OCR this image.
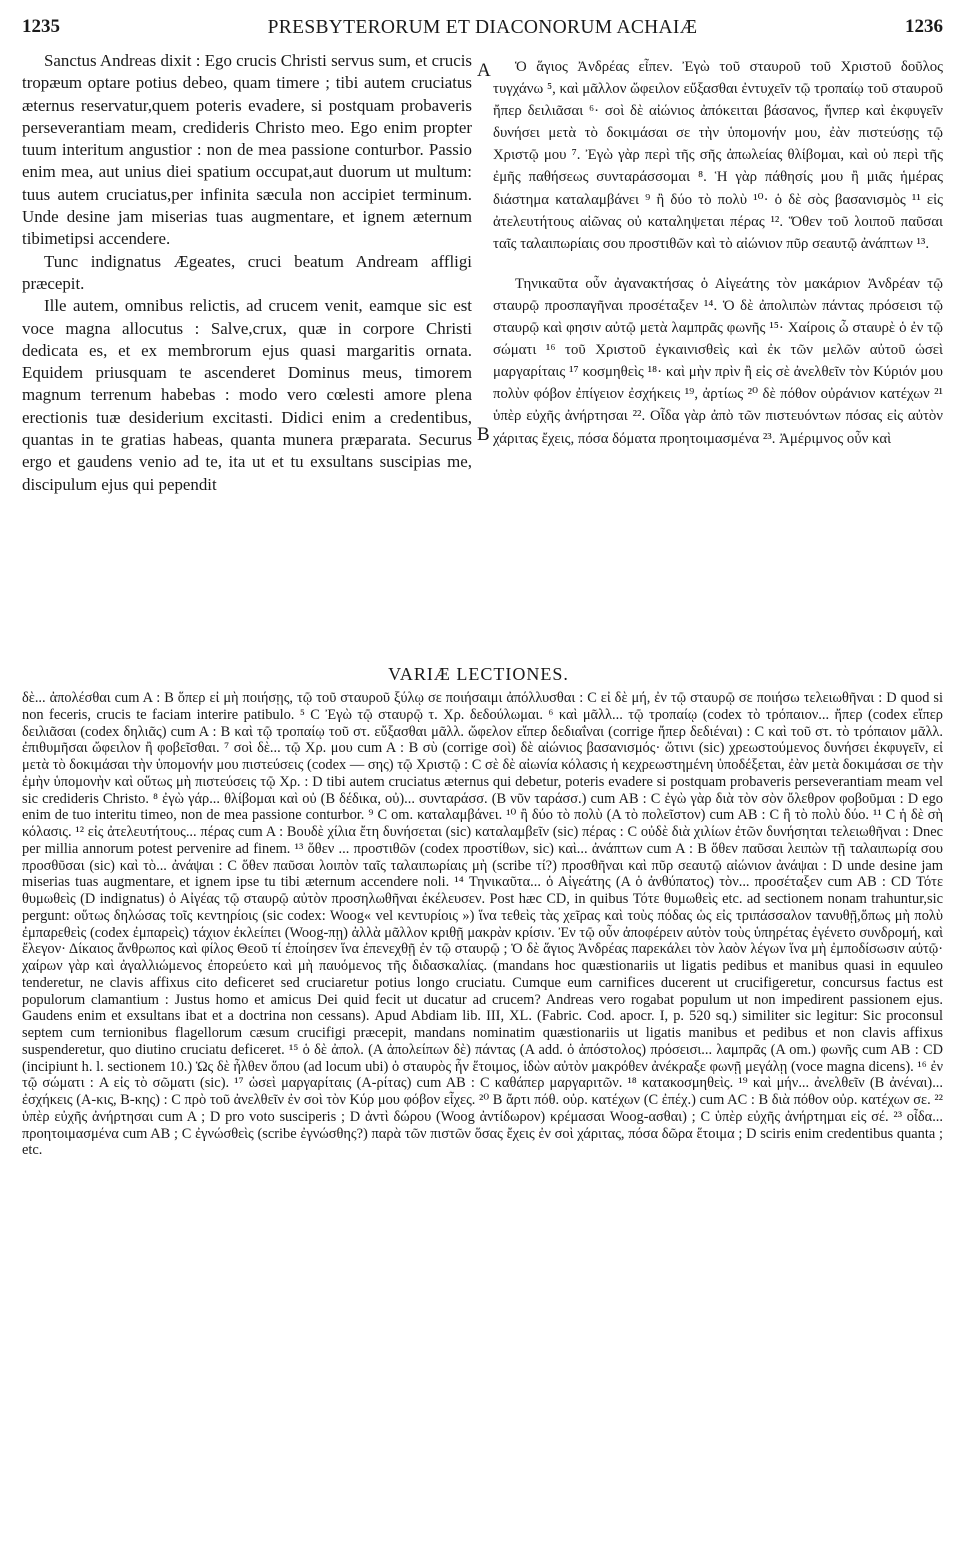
1235	PRESBYTERORUM ET DIACONORUM ACHAIÆ	1236

Sanctus Andreas dixit : Ego crucis Christi servus sum, et crucis tropæum optare potius debeo, quam timere ; tibi autem cruciatus æternus reservatur,quem poteris evadere, si postquam probaveris perseverantiam meam, credideris Christo meo. Ego enim propter tuum interitum angustior : non de mea passione conturbor. Passio enim mea, aut unius diei spatium occupat,aut duorum ut multum: tuus autem cruciatus,per infinita sæcula non accipiet terminum. Unde desine jam miserias tuas augmentare, et ignem æternum tibimetipsi accendere.

Tunc indignatus Ægeates, cruci beatum Andream affligi præcepit.

Ille autem, omnibus relictis, ad crucem venit, eamque sic est voce magna allocutus : Salve,crux, quæ in corpore Christi dedicata es, et ex membrorum ejus quasi margaritis ornata. Equidem priusquam te ascenderet Dominus meus, timorem magnum terrenum habebas : modo vero cœlesti amore plena erectionis tuæ desiderium excitasti. Didici enim a credentibus, quantas in te gratias habeas, quanta munera præparata. Securus ergo et gaudens venio ad te, ita ut et tu exsultans suscipias me, discipulum ejus qui pependit

A
B

Ὁ ἅγιος Ἀνδρέας εἶπεν. Ἐγὼ τοῦ σταυροῦ τοῦ Χριστοῦ δοῦλος τυγχάνω ⁵, καὶ μᾶλλον ὤφειλον εὔξασθαι ἐντυχεῖν τῷ τροπαίῳ τοῦ σταυροῦ ἤπερ δειλιᾶσαι ⁶· σοὶ δὲ αἰώνιος ἀπόκειται βάσανος, ἥνπερ καὶ ἐκφυγεῖν δυνήσει μετὰ τὸ δοκιμάσαι σε τὴν ὑπομονήν μου, ἐὰν πιστεύσῃς τῷ Χριστῷ μου ⁷. Ἐγὼ γὰρ περὶ τῆς σῆς ἀπωλείας θλίβομαι, καὶ οὐ περὶ τῆς ἐμῆς παθήσεως συνταράσσομαι ⁸. Ἡ γὰρ πάθησίς μου ἢ μιᾶς ἡμέρας διάστημα καταλαμβάνει ⁹ ἢ δύο τὸ πολὺ ¹⁰· ὁ δὲ σὸς βασανισμὸς ¹¹ εἰς ἀτελευτήτους αἰῶνας οὐ καταληψεται πέρας ¹². Ὅθεν τοῦ λοιποῦ παῦσαι ταῖς ταλαιπωρίαις σου προστιθῶν καὶ τὸ αἰώνιον πῦρ σεαυτῷ ἀνάπτων ¹³.

Τηνικαῦτα οὖν ἀγανακτήσας ὁ Αἰγεάτης τὸν μακάριον Ἀνδρέαν τῷ σταυρῷ προσπαγῆναι προσέταξεν ¹⁴. Ὁ δὲ ἀπολιπὼν πάντας πρόσεισι τῷ σταυρῷ καὶ φησιν αὐτῷ μετὰ λαμπρᾶς φωνῆς ¹⁵· Χαίροις ὦ σταυρὲ ὁ ἐν τῷ σώματι ¹⁶ τοῦ Χριστοῦ ἐγκαινισθεὶς καὶ ἐκ τῶν μελῶν αὐτοῦ ὡσεὶ μαργαρίταις ¹⁷ κοσμηθεὶς ¹⁸· καὶ μὴν πρὶν ἢ εἰς σὲ ἀνελθεῖν τὸν Κύριόν μου πολὺν φόβον ἐπίγειον ἐσχήκεις ¹⁹, ἀρτίως ²⁰ δὲ πόθον οὐράνιον κατέχων ²¹ ὑπὲρ εὐχῆς ἀνήρτησαι ²². Οἶδα γὰρ ἀπὸ τῶν πιστευόντων πόσας εἰς αὐτὸν χάριτας ἔχεις, πόσα δόματα προητοιμασμένα ²³. Ἀμέριμνος οὖν καὶ

VARIÆ LECTIONES.
δὲ... ἀπολέσθαι cum A : B ὅπερ εἰ μὴ ποιήσῃς, τῷ τοῦ σταυροῦ ξύλῳ σε ποιήσαιμι ἀπόλλυσθαι : C εἰ δὲ μή, ἐν τῷ σταυρῷ σε ποιήσω τελειωθῆναι : D quod si non feceris, crucis te faciam interire patibulo. ⁵ C Ἐγὼ τῷ σταυρῷ τ. Χρ. δεδούλωμαι. ⁶ καὶ μᾶλλ... τῷ τροπαίῳ (codex τὸ τρόπαιον... ἤπερ (codex εἴπερ δειλιᾶσαι (codex δηλιᾶς) cum A : B καὶ τῷ τροπαίῳ τοῦ στ. εὔξασθαι μᾶλλ. ὤφελον εἴπερ δεδιαΐναι (corrige ἤπερ δεδιέναι) : C καὶ τοῦ στ. τὸ τρόπαιον μᾶλλ. ἐπιθυμῆσαι ὤφειλον ἢ φοβεῖσθαι. ⁷ σοὶ δὲ... τῷ Χρ. μου cum A : B σὺ (corrige σοὶ) δὲ αἰώνιος βασανισμός· ὥτινι (sic) χρεωστούμενος δυνήσει ἐκφυγεῖν, εἰ μετὰ τὸ δοκιμάσαι τὴν ὑπομονήν μου πιστεύσεις (codex — σης) τῷ Χριστῷ : C σὲ δὲ αἰωνία κόλασις ἡ κεχρεωστημένη ὑποδέξεται, ἐὰν μετὰ δοκιμάσαι σε τὴν ἐμὴν ὑπομονὴν καὶ οὕτως μὴ πιστεύσεις τῷ Χρ. : D tibi autem cruciatus æternus qui debetur, poteris evadere si postquam probaveris perseverantiam meam vel sic credideris Christo. ⁸ ἐγὼ γάρ... θλίβομαι καὶ οὐ (B δέδικα, οὐ)... συνταράσσ. (B νῦν ταράσσ.) cum AB : C ἐγὼ γὰρ διὰ τὸν σὸν ὄλεθρον φοβοῦμαι : D ego enim de tuo interitu timeo, non de mea passione conturbor. ⁹ C om. καταλαμβάνει. ¹⁰ ἢ δύο τὸ πολὺ (A τὸ πολεῖστον) cum AB : C ἢ τὸ πολὺ δύο. ¹¹ C ἡ δὲ σὴ κόλασις. ¹² εἰς ἀτελευτήτους... πέρας cum A : Bουδὲ χίλια ἔτη δυνήσεται (sic) καταλαμβεῖν (sic) πέρας : C οὐδὲ διὰ χιλίων ἐτῶν δυνήσηται τελειωθῆναι : Dnec per millia annorum potest pervenire ad finem. ¹³ ὅθεν ... προστιθῶν (codex προστίθων, sic) καὶ... ἀνάπτων cum A : B ὅθεν παῦσαι λειπὼν τῇ ταλαιπωρίᾳ σου προσθῦσαι (sic) καὶ τὸ... ἀνάψαι : C ὅθεν παῦσαι λοιπὸν ταῖς ταλαιπωρίαις μὴ (scribe τί?) προσθῆναι καὶ πῦρ σεαυτῷ αἰώνιον ἀνάψαι : D unde desine jam miserias tuas augmentare, et ignem ipse tu tibi æternum accendere noli. ¹⁴ Τηνικαῦτα... ὁ Αἰγεάτης (A ὁ ἀνθύπατος) τὸν... προσέταξεν cum AB : CD Τότε θυμωθεὶς (D indignatus) ὁ Αἰγέας τῷ σταυρῷ αὐτὸν προσηλωθῆναι ἐκέλευσεν. Post hæc CD, in quibus Τότε θυμωθεὶς etc. ad sectionem nonam trahuntur,sic pergunt: οὕτως δηλώσας τοῖς κεντηρίοις (sic codex: Woog« vel κεντυρίοις ») ἵνα τεθεὶς τὰς χεῖρας καὶ τοὺς πόδας ὡς εἰς τριπάσσαλον τανυθῇ,ὅπως μὴ πολὺ ἐμπαρεθεὶς (codex ἐμπαρεὶς) τάχιον ἐκλείπει (Woog-πῃ) ἀλλὰ μᾶλλον κριθῇ μακρὰν κρίσιν. Ἐν τῷ οὖν ἀποφέρειν αὐτὸν τοὺς ὑπηρέτας ἐγένετο συνδρομή, καὶ ἔλεγον· Δίκαιος ἄνθρωπος καὶ φίλος Θεοῦ τί ἐποίησεν ἵνα ἐπενεχθῇ ἐν τῷ σταυρῷ ; Ὁ δὲ ἅγιος Ἀνδρέας παρεκάλει τὸν λαὸν λέγων ἵνα μὴ ἐμποδίσωσιν αὐτῷ· χαίρων γὰρ καὶ ἀγαλλιώμενος ἐπορεύετο καὶ μὴ παυόμενος τῆς διδασκαλίας. (mandans hoc quæstionariis ut ligatis pedibus et manibus quasi in equuleo tenderetur, ne clavis affixus cito deficeret sed cruciaretur potius longo cruciatu. Cumque eum carnifices ducerent ut crucifigeretur, concursus factus est populorum clamantium : Justus homo et amicus Dei quid fecit ut ducatur ad crucem? Andreas vero rogabat populum ut non impedirent passionem ejus. Gaudens enim et exsultans ibat et a doctrina non cessans). Apud Abdiam lib. III, XL. (Fabric. Cod. apocr. I, p. 520 sq.) similiter sic legitur: Sic proconsul septem cum ternionibus flagellorum cæsum crucifigi præcepit, mandans nominatim quæstionariis ut ligatis manibus et pedibus et non clavis affixus suspenderetur, quo diutino cruciatu deficeret. ¹⁵ ὁ δὲ ἀπολ. (A ἀπολείπων δὲ) πάντας (A add. ὁ ἀπόστολος) πρόσεισι... λαμπρᾶς (A om.) φωνῆς cum AB : CD (incipiunt h. l. sectionem 10.) Ὡς δὲ ἦλθεν ὅπου (ad locum ubi) ὁ σταυρὸς ἦν ἕτοιμος, ἰδὼν αὐτὸν μακρόθεν ἀνέκραξε φωνῇ μεγάλῃ (voce magna dicens). ¹⁶ ἐν τῷ σώματι : A εἰς τὸ σῶματι (sic). ¹⁷ ὡσεὶ μαργαρίταις (A-ρίτας) cum AB : C καθάπερ μαργαριτῶν. ¹⁸ κατακοσμηθεὶς. ¹⁹ καὶ μήν... ἀνελθεῖν (B ἀνέναι)... ἐσχήκεις (A-κις, B-κης) : C πρὸ τοῦ ἀνελθεῖν ἐν σοὶ τὸν Κύρ μου φόβον εἶχες. ²⁰ B ἄρτι πόθ. οὐρ. κατέχων (C ἐπέχ.) cum AC : B διὰ πόθον οὐρ. κατέχων σε. ²² ὑπὲρ εὐχῆς ἀνήρτησαι cum A ; D pro voto susciperis ; D ἀντὶ δώρου (Woog ἀντίδωρον) κρέμασαι Woog-ασθαι) ; C ὑπὲρ εὐχῆς ἀνήρτημαι εἰς σέ. ²³ οἶδα... προητοιμασμένα cum AB ; C ἐγνώσθεὶς (scribe ἐγνώσθης?) παρὰ τῶν πιστῶν ὅσας ἔχεις ἐν σοὶ χάριτας, πόσα δῶρα ἕτοιμα ; D sciris enim credentibus quanta ; etc.
